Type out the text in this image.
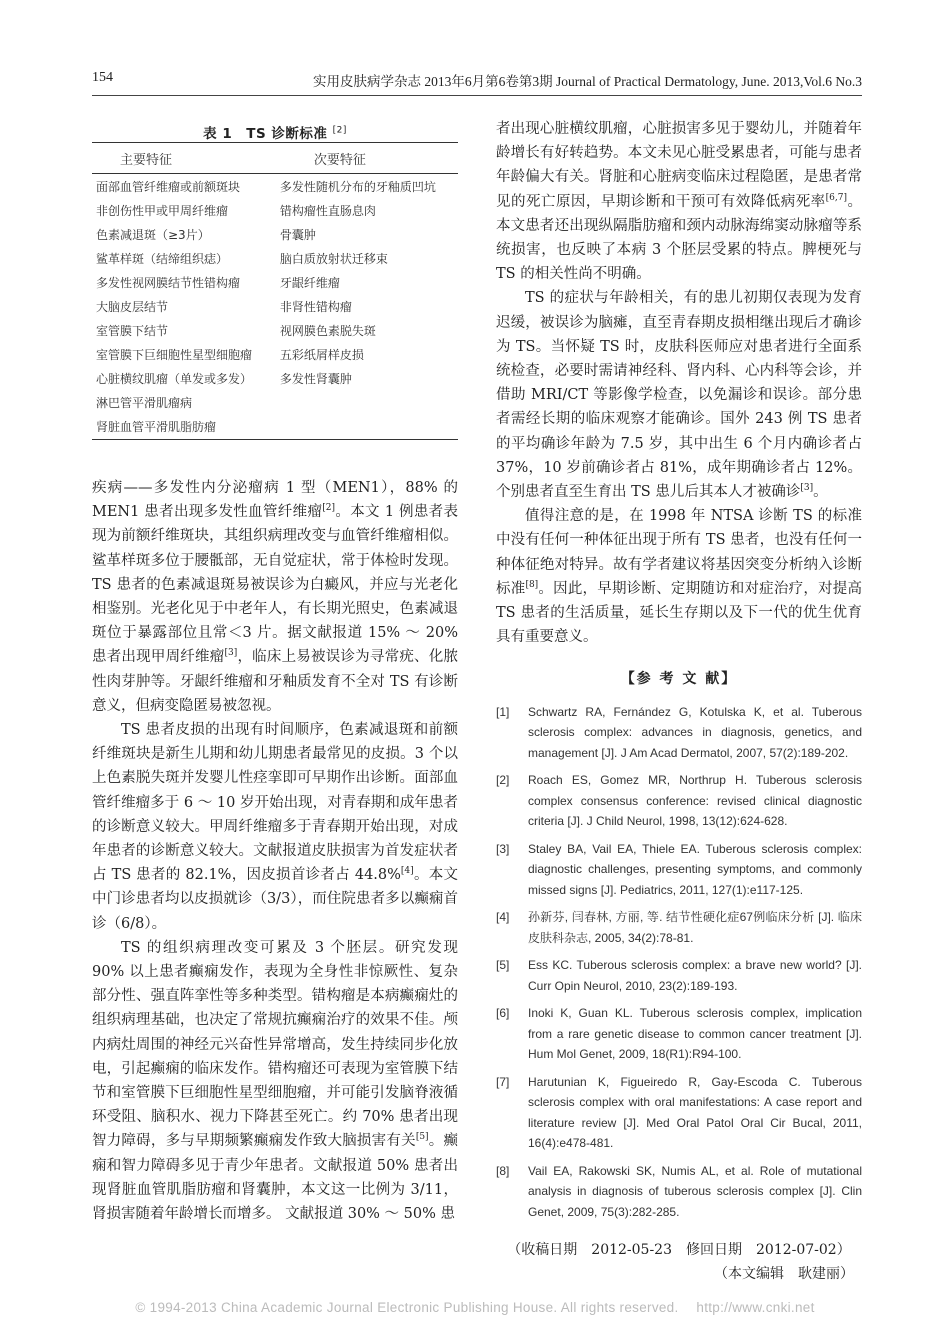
154	实用皮肤病学杂志 2013年6月第6卷第3期 Journal of Practical Dermatology, June. 2013,Vol.6 No.3
表 1　TS 诊断标准 [2]
主要特征	次要特征
面部血管纤维瘤或前额斑块	多发性随机分布的牙釉质凹坑
非创伤性甲或甲周纤维瘤	错构瘤性直肠息肉
色素减退斑（≥3片）	骨囊肿
鲨革样斑（结缔组织痣）	脑白质放射状迁移束
多发性视网膜结节性错构瘤	牙龈纤维瘤
大脑皮层结节	非肾性错构瘤
室管膜下结节	视网膜色素脱失斑
室管膜下巨细胞性星型细胞瘤	五彩纸屑样皮损
心脏横纹肌瘤（单发或多发）	多发性肾囊肿
淋巴管平滑肌瘤病	
肾脏血管平滑肌脂肪瘤	

疾病——多发性内分泌瘤病 1 型（MEN1），88% 的 MEN1 患者出现多发性血管纤维瘤[2]。本文 1 例患者表现为前额纤维斑块，其组织病理改变与血管纤维瘤相似。鲨革样斑多位于腰骶部，无自觉症状，常于体检时发现。TS 患者的色素减退斑易被误诊为白癜风，并应与光老化相鉴别。光老化见于中老年人，有长期光照史，色素减退斑位于暴露部位且常＜3 片。据文献报道 15% ～ 20% 患者出现甲周纤维瘤[3]，临床上易被误诊为寻常疣、化脓性肉芽肿等。牙龈纤维瘤和牙釉质发育不全对 TS 有诊断意义，但病变隐匿易被忽视。

TS 患者皮损的出现有时间顺序，色素减退斑和前额纤维斑块是新生儿期和幼儿期患者最常见的皮损。3 个以上色素脱失斑并发婴儿性痉挛即可早期作出诊断。面部血管纤维瘤多于 6 ～ 10 岁开始出现，对青春期和成年患者的诊断意义较大。甲周纤维瘤多于青春期开始出现，对成年患者的诊断意义较大。文献报道皮肤损害为首发症状者占 TS 患者的 82.1%，因皮损首诊者占 44.8%[4]。本文中门诊患者均以皮损就诊（3/3），而住院患者多以癫痫首诊（6/8）。

TS 的组织病理改变可累及 3 个胚层。研究发现 90% 以上患者癫痫发作，表现为全身性非惊厥性、复杂部分性、强直阵挛性等多种类型。错构瘤是本病癫痫灶的组织病理基础，也决定了常规抗癫痫治疗的效果不佳。颅内病灶周围的神经元兴奋性异常增高，发生持续同步化放电，引起癫痫的临床发作。错构瘤还可表现为室管膜下结节和室管膜下巨细胞性星型细胞瘤，并可能引发脑脊液循环受阻、脑积水、视力下降甚至死亡。约 70% 患者出现智力障碍，多与早期频繁癫痫发作致大脑损害有关[5]。癫痫和智力障碍多见于青少年患者。文献报道 50% 患者出现肾脏血管肌脂肪瘤和肾囊肿，本文这一比例为 3/11，肾损害随着年龄增长而增多。 文献报道 30% ～ 50% 患

者出现心脏横纹肌瘤，心脏损害多见于婴幼儿，并随着年龄增长有好转趋势。本文未见心脏受累患者，可能与患者年龄偏大有关。肾脏和心脏病变临床过程隐匿，是患者常见的死亡原因，早期诊断和干预可有效降低病死率[6,7]。本文患者还出现纵隔脂肪瘤和颈内动脉海绵窦动脉瘤等系统损害，也反映了本病 3 个胚层受累的特点。脾梗死与 TS 的相关性尚不明确。

TS 的症状与年龄相关，有的患儿初期仅表现为发育迟缓，被误诊为脑瘫，直至青春期皮损相继出现后才确诊为 TS。当怀疑 TS 时，皮肤科医师应对患者进行全面系统检查，必要时需请神经科、肾内科、心内科等会诊，并借助 MRI/CT 等影像学检查，以免漏诊和误诊。部分患者需经长期的临床观察才能确诊。国外 243 例 TS 患者的平均确诊年龄为 7.5 岁，其中出生 6 个月内确诊者占 37%，10 岁前确诊者占 81%，成年期确诊者占 12%。个别患者直至生育出 TS 患儿后其本人才被确诊[3]。

值得注意的是，在 1998 年 NTSA 诊断 TS 的标准中没有任何一种体征出现于所有 TS 患者，也没有任何一种体征绝对特异。故有学者建议将基因突变分析纳入诊断标准[8]。因此，早期诊断、定期随访和对症治疗，对提高 TS 患者的生活质量，延长生存期以及下一代的优生优育具有重要意义。

【参 考 文 献】
[1]	Schwartz RA, Fernández G, Kotulska K, et al. Tuberous sclerosis complex: advances in diagnosis, genetics, and management [J]. J Am Acad Dermatol, 2007, 57(2):189-202.
[2]	Roach ES, Gomez MR, Northrup H. Tuberous sclerosis complex consensus conference: revised clinical diagnostic criteria [J]. J Child Neurol, 1998, 13(12):624-628.
[3]	Staley BA, Vail EA, Thiele EA. Tuberous sclerosis complex: diagnostic challenges, presenting symptoms, and commonly missed signs [J]. Pediatrics, 2011, 127(1):e117-125.
[4]	孙新芬, 闫春林, 方丽, 等. 结节性硬化症67例临床分析 [J]. 临床皮肤科杂志, 2005, 34(2):78-81.
[5]	Ess KC. Tuberous sclerosis complex: a brave new world? [J]. Curr Opin Neurol, 2010, 23(2):189-193.
[6]	Inoki K, Guan KL. Tuberous sclerosis complex, implication from a rare genetic disease to common cancer treatment [J]. Hum Mol Genet, 2009, 18(R1):R94-100.
[7]	Harutunian K, Figueiredo R, Gay-Escoda C. Tuberous sclerosis complex with oral manifestations: A case report and literature review [J]. Med Oral Patol Oral Cir Bucal, 2011, 16(4):e478-481.
[8]	Vail EA, Rakowski SK, Numis AL, et al. Role of mutational analysis in diagnosis of tuberous sclerosis complex [J]. Clin Genet, 2009, 75(3):282-285.
（收稿日期　2012-05-23　修回日期　2012-07-02）
（本文编辑　耿建丽）
© 1994-2013 China Academic Journal Electronic Publishing House. All rights reserved.　 http://www.cnki.net
